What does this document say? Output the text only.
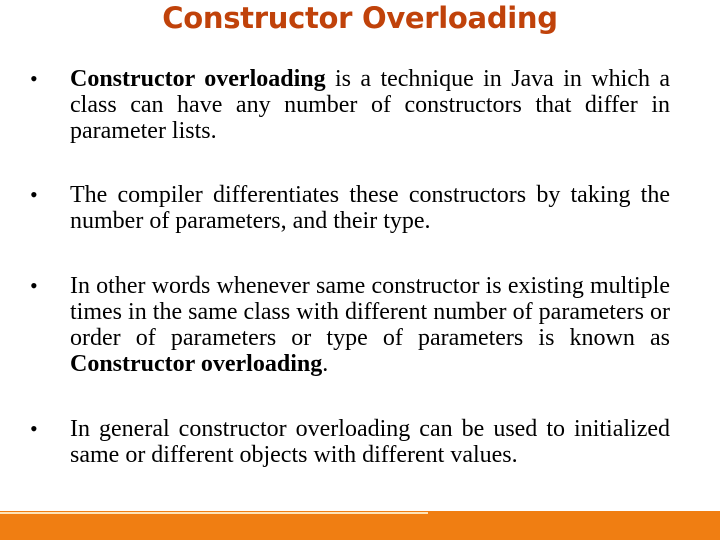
Constructor Overloading
•	Constructor overloading is a technique in Java in which a class can have any number of constructors that differ in parameter lists.
•	The compiler differentiates these constructors by taking the number of parameters, and their type.
•	In other words whenever same constructor is existing multiple times in the same class with different number of parameters or order of parameters or type of parameters is known as Constructor overloading.
•	In general constructor overloading can be used to initialized same or different objects with different values.
